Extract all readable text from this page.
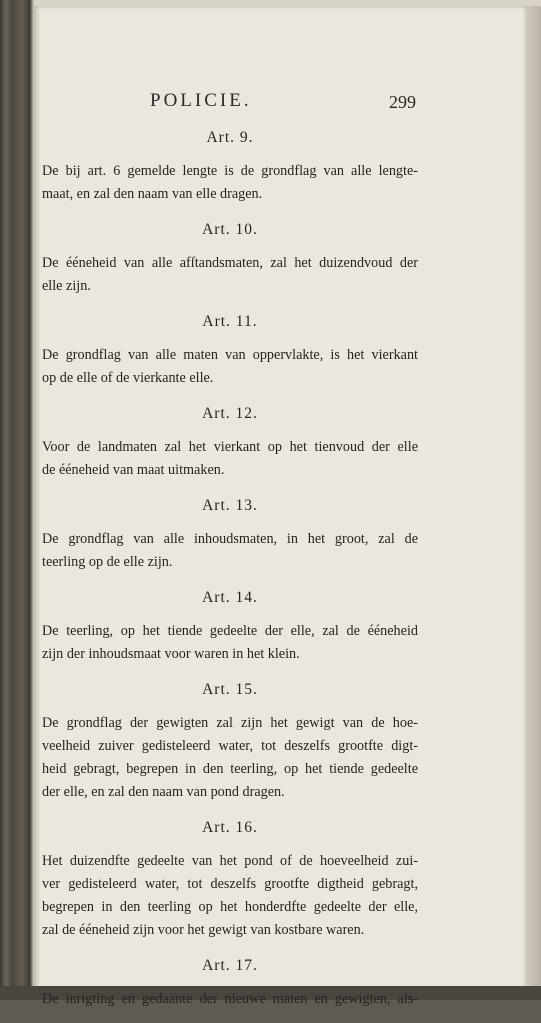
POLICIE.	299
Art. 9.
De bij art. 6 gemelde lengte is de grondflag van alle lengte-
maat, en zal den naam van elle dragen.
Art. 10.
De ééneheid van alle afſtandsmaten, zal het duizendvoud der
elle zijn.
Art. 11.
De grondflag van alle maten van oppervlakte, is het vierkant
op de elle of de vierkante elle.
Art. 12.
Voor de landmaten zal het vierkant op het tienvoud der elle
de ééneheid van maat uitmaken.
Art. 13.
De grondflag van alle inhoudsmaten, in het groot, zal de
teerling op de elle zijn.
Art. 14.
De teerling, op het tiende gedeelte der elle, zal de ééneheid
zijn der inhoudsmaat voor waren in het klein.
Art. 15.
De grondflag der gewigten zal zijn het gewigt van de hoe-
veelheid zuiver gedisteleerd water, tot deszelfs grootfte digt-
heid gebragt, begrepen in den teerling, op het tiende gedeelte
der elle, en zal den naam van pond dragen.
Art. 16.
Het duizendfte gedeelte van het pond of de hoeveelheid zui-
ver gedisteleerd water, tot deszelfs grootfte digtheid gebragt,
begrepen in den teerling op het honderdfte gedeelte der elle,
zal de ééneheid zijn voor het gewigt van kostbare waren.
Art. 17.
De inrigting en gedaante der nieuwe maten en gewigten, als-
